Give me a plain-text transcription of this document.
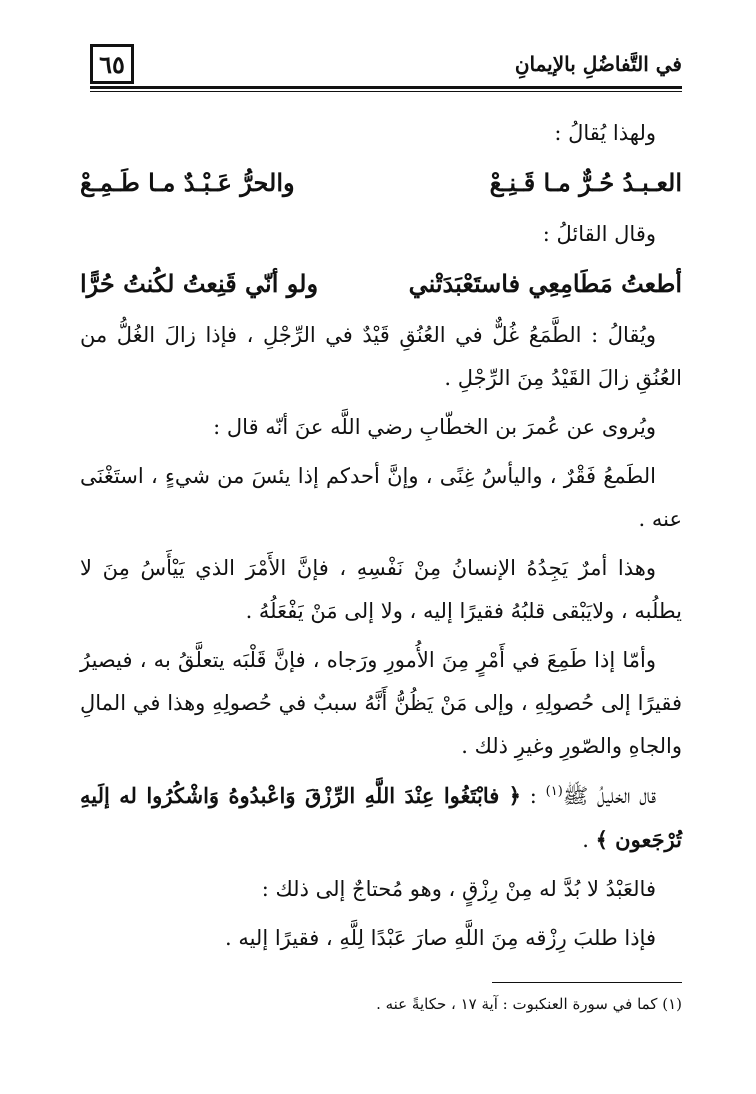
٦٥	في التَّفاضُلِ بالإيمانِ

ولهذا يُقالُ :

العـبـدُ حُـرٌّ مـا قَـنِـعْ
والحرُّ عَـبْـدٌ مـا طَـمِـعْ

وقال القائلُ :

أطعتُ مَطَامِعِي فاستَعْبَدَتْني
ولو أنّي قَنِعتُ لكُنتُ حُرًّا

ويُقالُ : الطَّمَعُ غُلٌّ في العُنُقِ قَيْدٌ في الرِّجْلِ ، فإذا زالَ الغُلُّ من العُنُقِ زالَ القَيْدُ مِنَ الرِّجْلِ .

ويُروى عن عُمرَ بن الخطّابِ رضي اللَّه عنَ أنّه قال :

الطَمعُ فَقْرٌ ، واليأسُ غِنًى ، وإنَّ أحدكم إذا يئسَ من شيءٍ ، استَغْنَى عنه .

وهذا أمرٌ يَجِدُهُ الإنسانُ مِنْ نَفْسِهِ ، فإنَّ الأَمْرَ الذي يَيْأَسُ مِنَ لا يطلُبه ، ولايَبْقى قلبُهُ فقيرًا إليه ، ولا إلى مَنْ يَفْعَلُهُ .

وأمّا إذا طَمِعَ في أَمْرٍ مِنَ الأُمورِ ورَجاه ، فإنَّ قَلْبَه يتعلَّقُ به ، فيصيرُ فقيرًا إلى حُصولِهِ ، وإلى مَنْ يَظُنُّ أَنَّهُ سببٌ في حُصولِهِ وهذا في المالِ والجاهِ والصّورِ وغيرِ ذلك .

قال الخليلُ ﷺ$^{(١)}$ : ﴿ فابْتَغُوا عِنْدَ اللَّهِ الرِّزْقَ وَاعْبدُوهُ وَاشْكُرُوا له إلَيهِ تُرْجَعون ﴾ .

فالعَبْدُ لا بُدَّ له مِنْ رِزْقٍ ، وهو مُحتاجٌ إلى ذلك :

فإذا طلبَ رِزْقه مِنَ اللَّهِ صارَ عَبْدًا لِلَّهِ ، فقيرًا إليه .

(١) كما في سورة العنكبوت : آية ١٧ ، حكايةً عنه .
